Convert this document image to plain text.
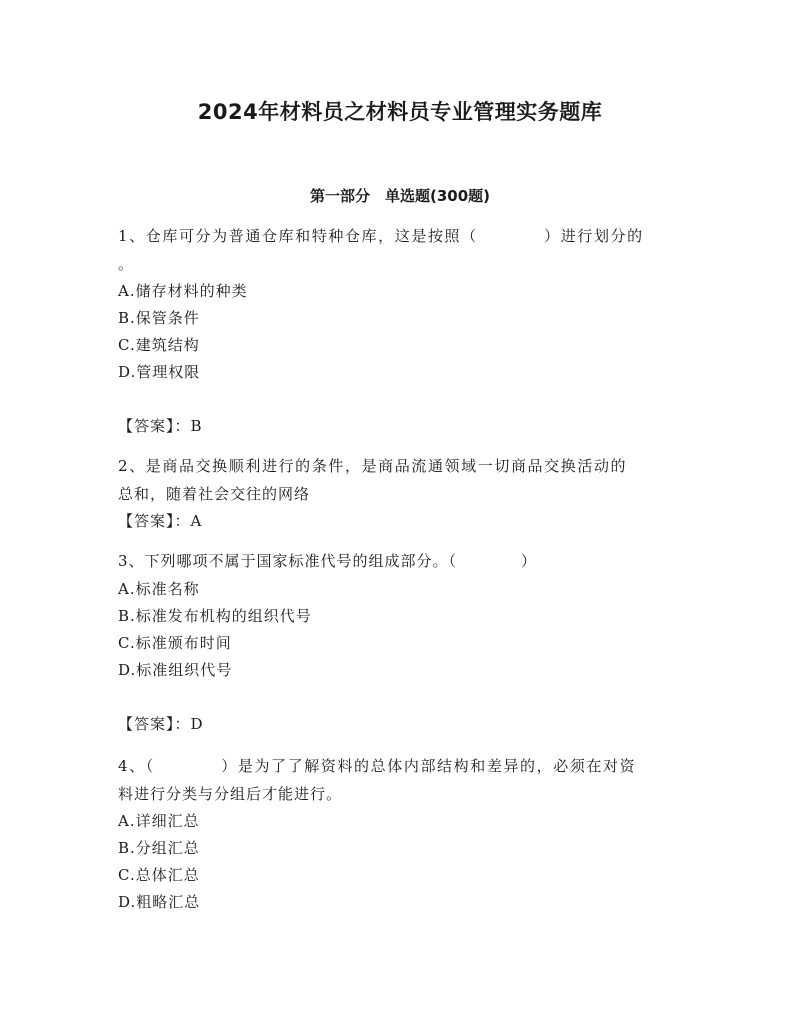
2024年材料员之材料员专业管理实务题库
第一部分　单选题(300题)
1、仓库可分为普通仓库和特种仓库，这是按照（　　　　）进行划分的
。
A.储存材料的种类
B.保管条件
C.建筑结构
D.管理权限
【答案】：B
2、是商品交换顺利进行的条件，是商品流通领域一切商品交换活动的
总和，随着社会交往的网络
【答案】：A
3、下列哪项不属于国家标准代号的组成部分。（　　　　）
A.标准名称
B.标准发布机构的组织代号
C.标准颁布时间
D.标准组织代号
【答案】：D
4、（　　　　）是为了了解资料的总体内部结构和差异的，必须在对资
料进行分类与分组后才能进行。
A.详细汇总
B.分组汇总
C.总体汇总
D.粗略汇总
